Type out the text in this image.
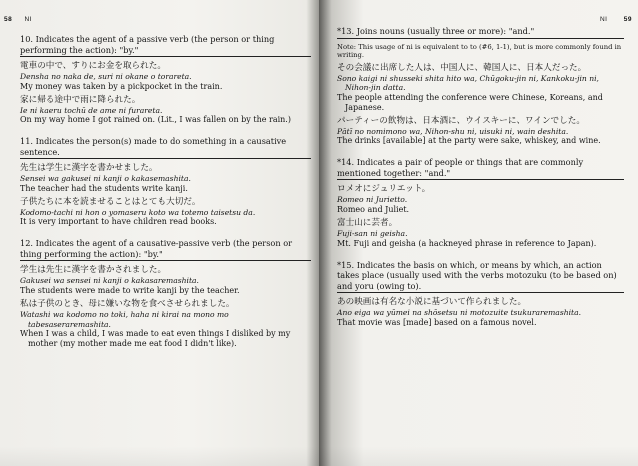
58 NI
10. Indicates the agent of a passive verb (the person or thing performing the action): "by."
電車の中で、すりにお金を取られた。
Densha no naka de, suri ni okane o torareta.
My money was taken by a pickpocket in the train.
家に帰る途中で雨に降られた。
Ie ni kaeru tochū de ame ni furareta.
On my way home I got rained on. (Lit., I was fallen on by the rain.)
11. Indicates the person(s) made to do something in a causative sentence.
先生は学生に漢字を書かせました。
Sensei wa gakusei ni kanji o kakasemashita.
The teacher had the students write kanji.
子供たちに本を読ませることはとても大切だ。
Kodomo-tachi ni hon o yomaseru koto wa totemo taisetsu da.
It is very important to have children read books.
12. Indicates the agent of a causative-passive verb (the person or thing performing the action): "by."
学生は先生に漢字を書かされました。
Gakusei wa sensei ni kanji o kakasaremashita.
The students were made to write kanji by the teacher.
私は子供のとき、母に嫌いな物を食べさせられました。
Watashi wa kodomo no toki, haha ni kirai na mono mo tabesaseraremashita.
When I was a child, I was made to eat even things I disliked by my mother (my mother made me eat food I didn't like).
NI	59
*13. Joins nouns (usually three or more): "and."
Note: This usage of ni is equivalent to to (#6, 1-1), but is more commonly found in writing.
その会議に出席した人は、中国人に、韓国人に、日本人だった。
Sono kaigi ni shusseki shita hito wa, Chūgoku-jin ni, Kankoku-jin ni, Nihon-jin datta.
The people attending the conference were Chinese, Koreans, and Japanese.
パーティーの飲物は、日本酒に、ウイスキーに、ワインでした。
Pātī no nomimono wa, Nihon-shu ni, uisuki ni, wain deshita.
The drinks [available] at the party were sake, whiskey, and wine.
*14. Indicates a pair of people or things that are commonly mentioned together: "and."
ロメオにジュリエット。
Romeo ni Jurietto.
Romeo and Juliet.
富士山に芸者。
Fuji-san ni geisha.
Mt. Fuji and geisha (a hackneyed phrase in reference to Japan).
*15. Indicates the basis on which, or means by which, an action takes place (usually used with the verbs motozuku (to be based on) and yoru (owing to).
あの映画は有名な小説に基づいて作られました。
Ano eiga wa yūmei na shōsetsu ni motozuite tsukuraremashita.
That movie was [made] based on a famous novel.
